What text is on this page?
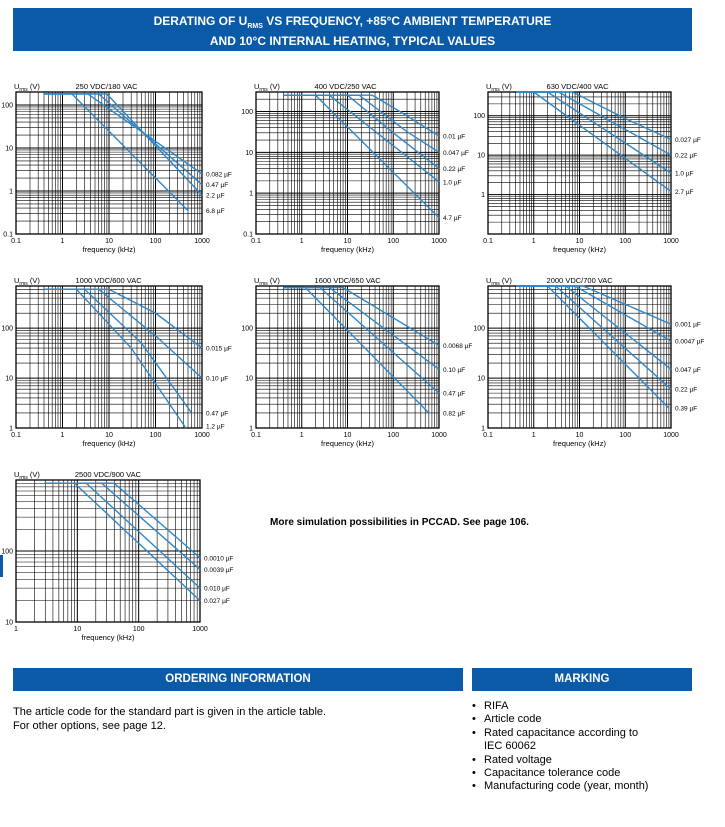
DERATING OF $U_{RMS}$ VS FREQUENCY, +85°C AMBIENT TEMPERATURE
AND 10°C INTERNAL HEATING, TYPICAL VALUES
0.1	1	10	100	1000
0.1
1
10
100
frequency (kHz)
$U_{rms}$ (V)	250 VDC/180 VAC
0.082 µF
0.47 µF
2.2 µF
6.8 µF
0.1	1	10	100	1000
0.1
1
10
100
frequency (kHz)
$U_{rms}$ (V)	400 VDC/250 VAC
0.01 µF
0.047 µF
0.22 µF
1.0 µF
4.7 µF
0.1	1	10	100	1000
1
10
100
frequency (kHz)
$U_{rms}$ (V)	630 VDC/400 VAC
0.027 µF
0.22 µF
1.0 µF
2.7 µF
0.1	1	10	100	1000
1
10
100
frequency (kHz)
$U_{rms}$ (V)	1000 VDC/600 VAC
0.015 µF
0.10 µF
0.47 µF
1.2 µF
0.1	1	10	100	1000
1
10
100
frequency (kHz)
$U_{rms}$ (V)	1600 VDC/650 VAC
0.0068 µF
0.10 µF
0.47 µF
0.82 µF
0.1	1	10	100	1000
1
10
100
frequency (kHz)
$U_{rms}$ (V)	2000 VDC/700 VAC
0.001 µF
0.0047 µF
0.047 µF
0.22 µF
0.39 µF
1	10	100	1000
10
100
frequency (kHz)
$U_{rms}$ (V)	2500 VDC/900 VAC
0.0010 µF
0.0039 µF
0.010 µF
0.027 µF
More simulation possibilities in PCCAD. See page 106.
ORDERING INFORMATION	MARKING
The article code for the standard part is given in the article table.
For other options, see page 12.
• RIFA
• Article code
• Rated capacitance according to
IEC 60062
• Rated voltage
• Capacitance tolerance code
• Manufacturing code (year, month)
